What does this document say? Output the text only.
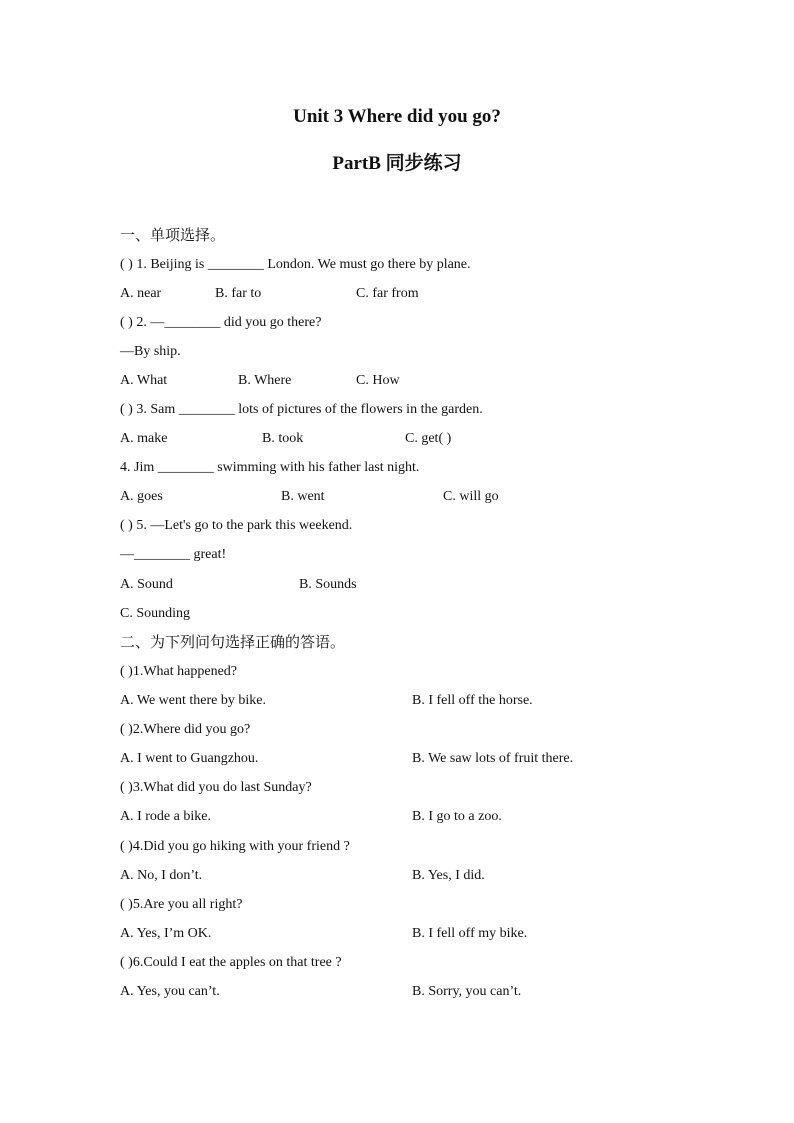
Unit 3 Where did you go?
PartB 同步练习
一、单项选择。
( ) 1. Beijing is ________ London. We must go there by plane.
A. near	B. far to	C. far from
( ) 2. —________ did you go there?
—By ship.
A. What	B. Where	C. How
( ) 3. Sam ________ lots of pictures of the flowers in the garden.
A. make	B. took	C. get( )
4. Jim ________ swimming with his father last night.
A. goes	B. went	C. will go
( ) 5. —Let's go to the park this weekend.
—________ great!
A. Sound	B. Sounds
C. Sounding
二、为下列问句选择正确的答语。
( )1.What happened?
A. We went there by bike.	B. I fell off the horse.
( )2.Where did you go?
A. I went to Guangzhou.	B. We saw lots of fruit there.
( )3.What did you do last Sunday?
A. I rode a bike.	B. I go to a zoo.
( )4.Did you go hiking with your friend ?
A. No, I don’t.	B. Yes, I did.
( )5.Are you all right?
A. Yes, I’m OK.	B. I fell off my bike.
( )6.Could I eat the apples on that tree ?
A. Yes, you can’t.	B. Sorry, you can’t.
